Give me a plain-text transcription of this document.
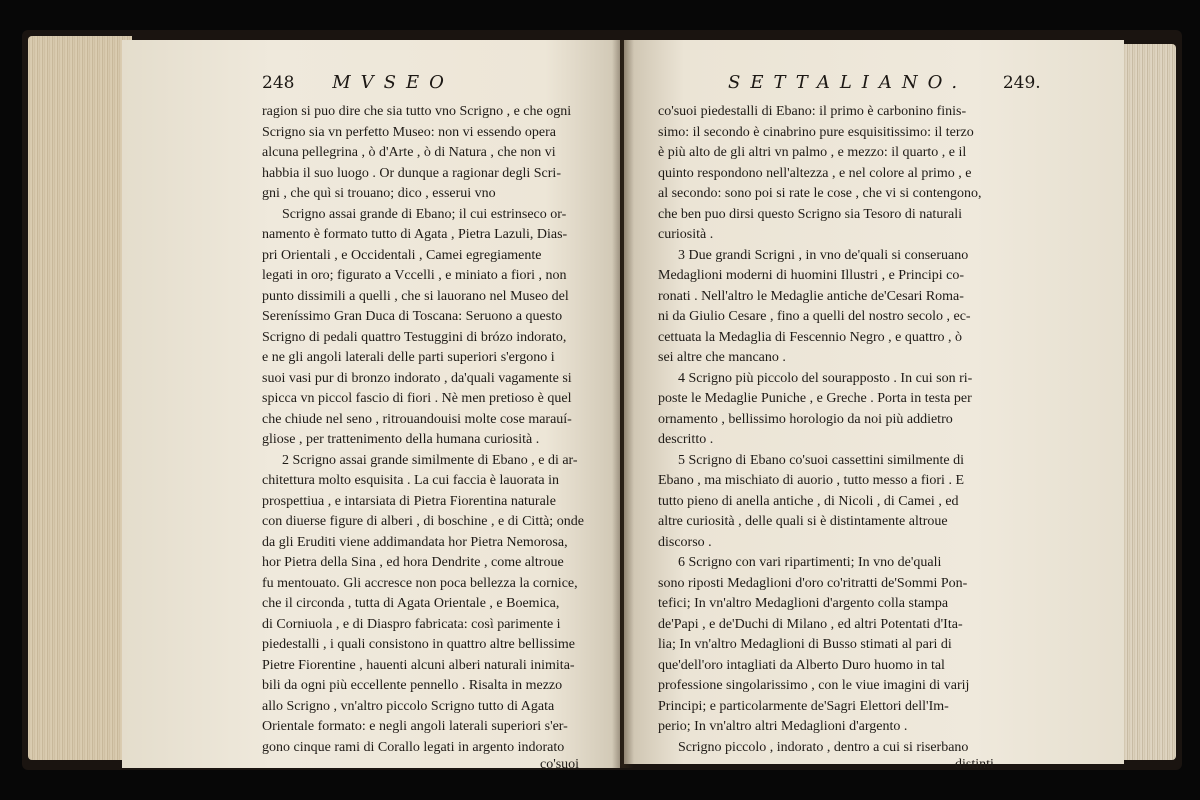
248 MVSEO	SETTALIANO. 249.

ragion si puo dire che sia tutto vno Scrigno , e che ogni

Scrigno sia vn perfetto Museo: non vi essendo opera

alcuna pellegrina , ò d'Arte , ò di Natura , che non vi

habbia il suo luogo . Or dunque a ragionar degli Scri-

gni , che quì si trouano; dico , esserui vno

Scrigno assai grande di Ebano; il cui estrinseco or-

namento è formato tutto di Agata , Pietra Lazuli, Dias-

pri Orientali , e Occidentali , Camei egregiamente

legati in oro; figurato a Vccelli , e miniato a fiori , non

punto dissimili a quelli , che si lauorano nel Museo del

Sereníssimo Gran Duca di Toscana: Seruono a questo

Scrigno di pedali quattro Testuggini di brózo indorato,

e ne gli angoli laterali delle parti superiori s'ergono i

suoi vasi pur di bronzo indorato , da'quali vagamente si

spicca vn piccol fascio di fiori . Nè men pretioso è quel

che chiude nel seno , ritrouandouisi molte cose marauí-

gliose , per trattenimento della humana curiosità .

2 Scrigno assai grande similmente di Ebano , e di ar-

chitettura molto esquisita . La cui faccia è lauorata in

prospettiua , e intarsiata di Pietra Fiorentina naturale

con diuerse figure di alberi , di boschine , e di Città; onde

da gli Eruditi viene addimandata hor Pietra Nemorosa,

hor Pietra della Sina , ed hora Dendrite , come altroue

fu mentouato. Gli accresce non poca bellezza la cornice,

che il circonda , tutta di Agata Orientale , e Boemica,

di Corniuola , e di Diaspro fabricata: così parimente i

piedestalli , i quali consistono in quattro altre bellissime

Pietre Fiorentine , hauenti alcuni alberi naturali inimita-

bili da ogni più eccellente pennello . Risalta in mezzo

allo Scrigno , vn'altro piccolo Scrigno tutto di Agata

Orientale formato: e negli angoli laterali superiori s'er-

gono cinque rami di Corallo legati in argento indorato

co'suoi

co'suoi piedestalli di Ebano: il primo è carbonino finis-

simo: il secondo è cinabrino pure esquisitissimo: il terzo

è più alto de gli altri vn palmo , e mezzo: il quarto , e il

quinto respondono nell'altezza , e nel colore al primo , e

al secondo: sono poi si rate le cose , che vi si contengono,

che ben puo dirsi questo Scrigno sia Tesoro di naturali

curiosità .

3 Due grandi Scrigni , in vno de'quali si conseruano

Medaglioni moderni di huomini Illustri , e Principi co-

ronati . Nell'altro le Medaglie antiche de'Cesari Roma-

ni da Giulio Cesare , fino a quelli del nostro secolo , ec-

cettuata la Medaglia di Fescennio Negro , e quattro , ò

sei altre che mancano .

4 Scrigno più piccolo del sourapposto . In cui son ri-

poste le Medaglie Puniche , e Greche . Porta in testa per

ornamento , bellissimo horologio da noi più addietro

descritto .

5 Scrigno di Ebano co'suoi cassettini similmente di

Ebano , ma mischiato di auorio , tutto messo a fiori . E

tutto pieno di anella antiche , di Nicoli , di Camei , ed

altre curiosità , delle quali si è distintamente altroue

discorso .

6 Scrigno con vari ripartimenti; In vno de'quali

sono riposti Medaglioni d'oro co'ritratti de'Sommi Pon-

tefici; In vn'altro Medaglioni d'argento colla stampa

de'Papi , e de'Duchi di Milano , ed altri Potentati d'Ita-

lia; In vn'altro Medaglioni di Busso stimati al pari di

que'dell'oro intagliati da Alberto Duro huomo in tal

professione singolarissimo , con le viue imagini di varij

Principi; e particolarmente de'Sagri Elettori dell'Im-

perio; In vn'altro altri Medaglioni d'argento .

Scrigno piccolo , indorato , dentro a cui si riserbano

distinti
